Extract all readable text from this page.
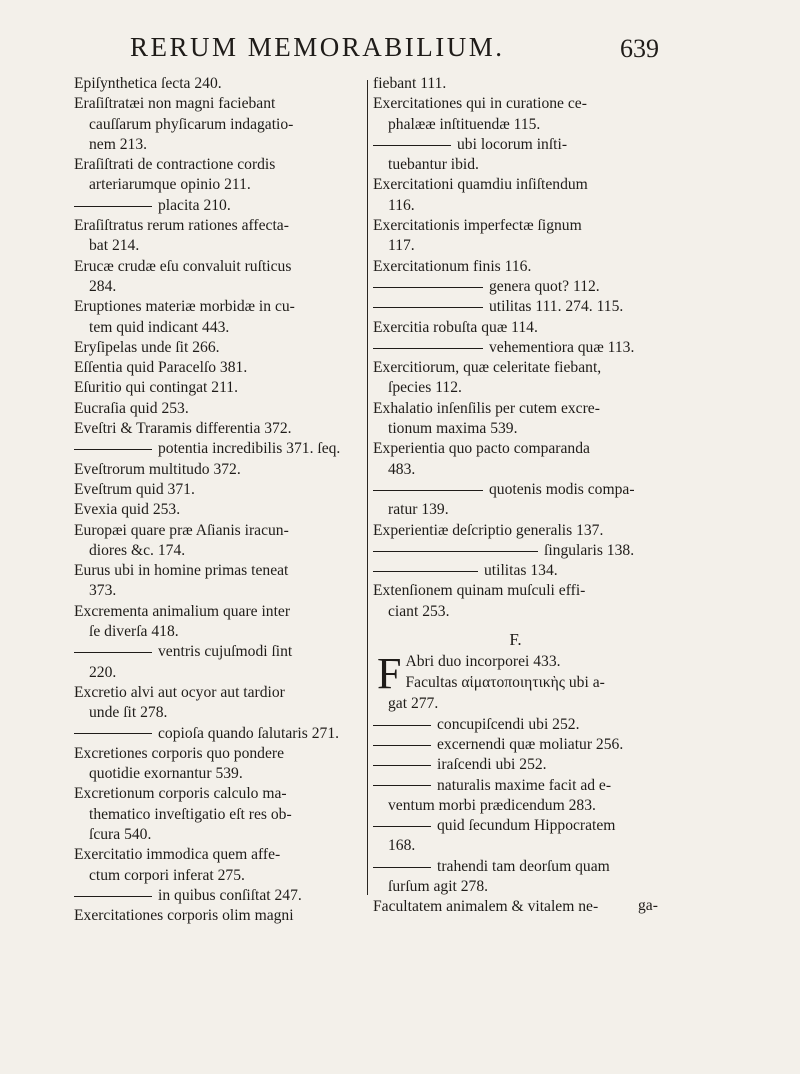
RERUM MEMORABILIUM.	639
Epiſynthetica ſecta 240.
Eraſiſtratæi non magni faciebant
cauſſarum phyſicarum indagatio-
nem 213.
Eraſiſtrati de contractione cordis
arteriarumque opinio 211.
placita 210.
Eraſiſtratus rerum rationes affecta-
bat 214.
Erucæ crudæ eſu convaluit ruſticus
284.
Eruptiones materiæ morbidæ in cu-
tem quid indicant 443.
Eryſipelas unde ſit 266.
Eſſentia quid Paracelſo 381.
Eſuritio qui contingat 211.
Eucraſia quid 253.
Eveſtri & Traramis differentia 372.
potentia incredibilis 371. ſeq.
Eveſtrorum multitudo 372.
Eveſtrum quid 371.
Evexia quid 253.
Europæi quare præ Aſianis iracun-
diores &c. 174.
Eurus ubi in homine primas teneat
373.
Excrementa animalium quare inter
ſe diverſa 418.
ventris cujuſmodi ſint
220.
Excretio alvi aut ocyor aut tardior
unde ſit 278.
copioſa quando ſalutaris 271.
Excretiones corporis quo pondere
quotidie exornantur 539.
Excretionum corporis calculo ma-
thematico inveſtigatio eſt res ob-
ſcura 540.
Exercitatio immodica quem affe-
ctum corpori inferat 275.
in quibus conſiſtat 247.
Exercitationes corporis olim magni
fiebant 111.
Exercitationes qui in curatione ce-
phalææ inſtituendæ 115.
ubi locorum inſti-
tuebantur ibid.
Exercitationi quamdiu inſiſtendum
116.
Exercitationis imperfectæ ſignum
117.
Exercitationum finis 116.
genera quot? 112.
utilitas 111. 274. 115.
Exercitia robuſta quæ 114.
vehementiora quæ 113.
Exercitiorum, quæ celeritate fiebant,
ſpecies 112.
Exhalatio inſenſilis per cutem excre-
tionum maxima 539.
Experientia quo pacto comparanda
483.
quotenis modis compa-
ratur 139.
Experientiæ deſcriptio generalis 137.
ſingularis 138.
utilitas 134.
Extenſionem quinam muſculi effi-
ciant 253.
F.
F Abri duo incorporei 433.
Facultas αἱματοποιητικὴς ubi a-
gat 277.
concupiſcendi ubi 252.
excernendi quæ moliatur 256.
iraſcendi ubi 252.
naturalis maxime facit ad e-
ventum morbi prædicendum 283.
quid ſecundum Hippocratem
168.
trahendi tam deorſum quam
ſurſum agit 278.
Facultatem animalem & vitalem ne-	ga-
